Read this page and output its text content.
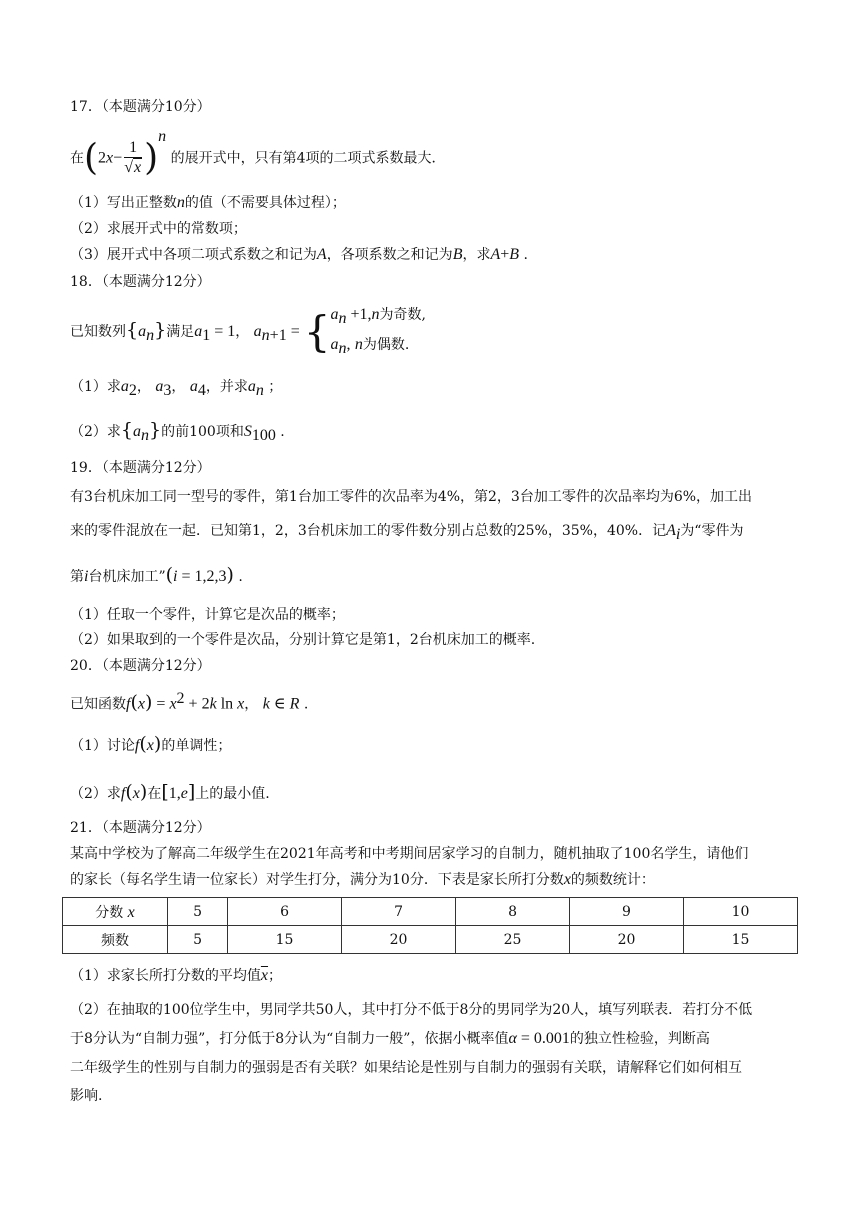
17．（本题满分10分）
在$(2x- \frac{1}{√x} )^n$ 的展开式中，只有第4项的二项式系数最大．
（1）写出正整数n的值（不需要具体过程）；
（2）求展开式中的常数项；
（3）展开式中各项二项式系数之和记为A，各项系数之和记为B，求A+B .
18．（本题满分12分）
已知数列$\{a_n\}$满足$a_1 = 1$， $a_{n+1}$ = { $a_n +1,n$为奇数,
$a_n$, n为偶数.
（1）求$a_2$， $a_3$， $a_4$，并求$a_n$ ；
（2）求$\{a_n\}$的前100项和$S_{100}$ .
19．（本题满分12分）
有3台机床加工同一型号的零件，第1台加工零件的次品率为4%，第2，3台加工零件的次品率均为6%，加工出
来的零件混放在一起．已知第1，2，3台机床加工的零件数分别占总数的25%，35%，40%．记$A_i$为“零件为
第i台机床加工”(i = 1,2,3) .
（1）任取一个零件，计算它是次品的概率；
（2）如果取到的一个零件是次品，分别计算它是第1，2台机床加工的概率.
20．（本题满分12分）
已知函数$f(x) = x^2 + 2k$ ln x， k ∈ R .
（1）讨论f(x)的单调性；
（2）求f(x)在[1,e]上的最小值.
21．（本题满分12分）
某高中学校为了解高二年级学生在2021年高考和中考期间居家学习的自制力，随机抽取了100名学生，请他们
的家长（每名学生请一位家长）对学生打分，满分为10分．下表是家长所打分数x的频数统计：
分数 x	5	6	7	8	9	10
频数	5	15	20	25	20	15
（1）求家长所打分数的平均值$\overline{x}$；
（2）在抽取的100位学生中，男同学共50人，其中打分不低于8分的男同学为20人，填写列联表．若打分不低
于8分认为“自制力强”，打分低于8分认为“自制力一般”，依据小概率值α = 0.001的独立性检验，判断高
二年级学生的性别与自制力的强弱是否有关联？如果结论是性别与自制力的强弱有关联，请解释它们如何相互
影响.
